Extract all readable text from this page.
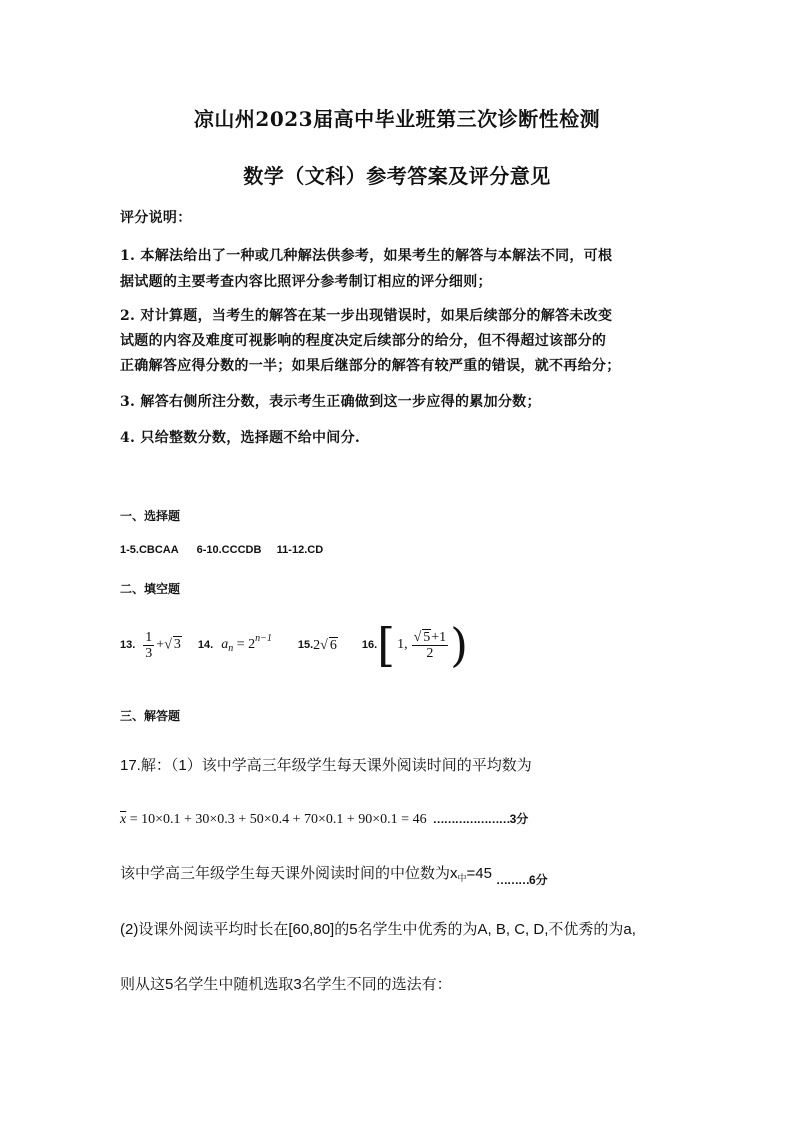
凉山州2023届高中毕业班第三次诊断性检测
数学（文科）参考答案及评分意见
评分说明：
1. 本解法给出了一种或几种解法供参考，如果考生的解答与本解法不同，可根
据试题的主要考查内容比照评分参考制订相应的评分细则；
2. 对计算题，当考生的解答在某一步出现错误时，如果后续部分的解答未改变
试题的内容及难度可视影响的程度决定后续部分的给分，但不得超过该部分的
正确解答应得分数的一半；如果后继部分的解答有较严重的错误，就不再给分；
3. 解答右侧所注分数，表示考生正确做到这一步应得的累加分数；
4. 只给整数分数，选择题不给中间分.
一、选择题
1-5.CBCAA      6-10.CCCDB     11-12.CD
二、填空题
13. $\frac{1}{3}$ +√ 3 14. $a_n = 2^{n-1}$
15. 2√ 6 16. [ 1, $\frac{√ 5+1}{2}$ )
三、解答题
17.解：（1）该中学高三年级学生每天课外阅读时间的平均数为
$\overline{x} = 10\times 0.1 + 30\times 0.3 + 50\times 0.4 + 70\times 0.1 + 90\times 0.1 = 46$ ………………… 3分
该中学高三年级学生每天课外阅读时间的中位数为x 中 =45 ……… 6分
(2)设课外阅读平均时长在[60,80]的5名学生中优秀的为A, B, C, D,不优秀的为a,
则从这5名学生中随机选取3名学生不同的选法有：
